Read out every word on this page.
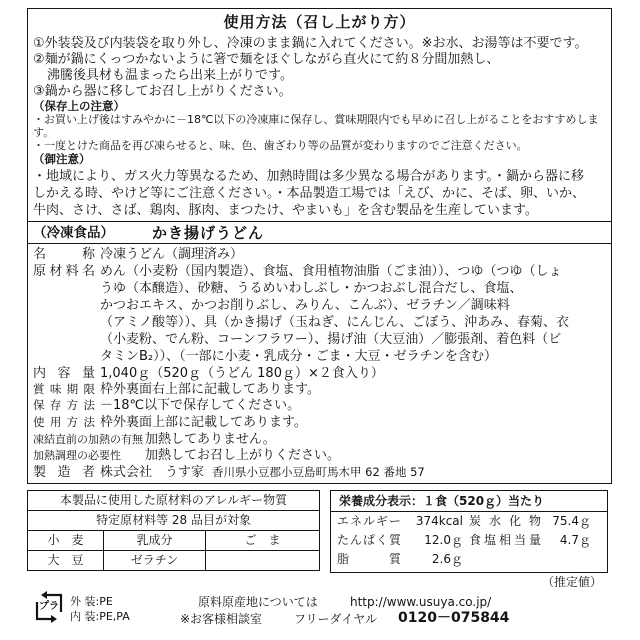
使用方法（召し上がり方）
①外装袋及び内装袋を取り外し、冷凍のまま鍋に入れてください。※お水、お湯等は不要です。
②麺が鍋にくっつかないように箸で麺をほぐしながら直火にて約８分間加熱し、
沸騰後具材も温まったら出来上がりです。
③鍋から器に移してお召し上がりください。
（保存上の注意）
・お買い上げ後はすみやかに－18℃以下の冷凍庫に保存し、賞味期限内でも早めに召し上がることをおすすめしま
す。
・一度とけた商品を再び凍らせると、味、色、歯ざわり等の品質が変わりますのでご注意ください。
（御注意）
・地域により、ガス火力等異なるため、加熱時間は多少異なる場合があります。・鍋から器に移
しかえる時、やけど等にご注意ください。・本品製造工場では「えび、かに、そば、卵、いか、
牛肉、さけ、さば、鶏肉、豚肉、まつたけ、やまいも」を含む製品を生産しています。
（冷凍食品）	かき揚げうどん
名　称 冷凍うどん（調理済み）
原材料名 めん（小麦粉（国内製造）、食塩、食用植物油脂（ごま油））、つゆ（つゆ（しょ
うゆ（本醸造）、砂糖、うるめいわしぶし・かつおぶし混合だし、食塩、
かつおエキス、かつお削りぶし、みりん、こんぶ）、ゼラチン／調味料
（アミノ酸等））、具（かき揚げ（玉ねぎ、にんじん、ごぼう、沖あみ、春菊、衣
（小麦粉、でん粉、コーンフラワー）、揚げ油（大豆油）／膨張剤、着色料（ビ
タミンB₂））、（一部に小麦・乳成分・ごま・大豆・ゼラチンを含む）
内容量 1,040ｇ（520ｇ（うどん 180ｇ）×２食入り）
賞味期限 枠外裏面右上部に記載してあります。
保存方法 －18℃以下で保存してください。
使用方法 枠外裏面上部に記載してあります。
凍結直前の加熱の有無 加熱してありません。
加熱調理の必要性 加熱してお召し上がりください。
製造者 株式会社　うす家 香川県小豆郡小豆島町馬木甲 62 番地 57
本製品に使用した原材料のアレルギー物質		
特定原材料等 28 品目が対象		
小　麦	乳成分	ご　ま
大　豆	ゼラチン	
栄養成分表示：１食（520ｇ）当たり
エネルギー	374kcal 炭水化物 75.4ｇ
たんぱく質	12.0ｇ 食塩相当量	4.7ｇ
脂　　質	2.6ｇ
（推定値）
プラ	外 装:PE
内 装:PE,PA
原料原産地については	http://www.usuya.co.jp/
※お客様相談室	フリーダイヤル 0120－075844
